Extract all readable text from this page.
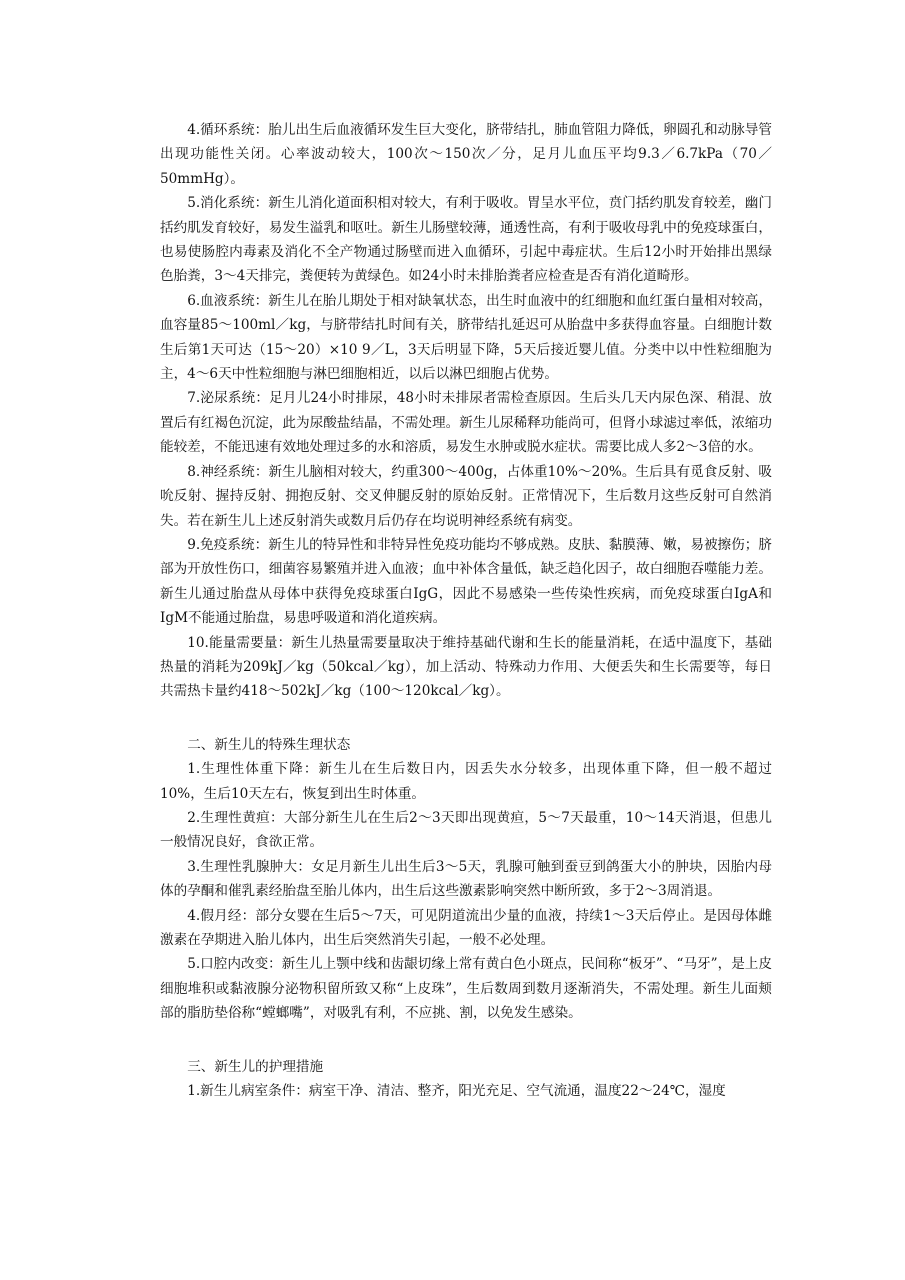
4.循环系统：胎儿出生后血液循环发生巨大变化，脐带结扎，肺血管阻力降低，卵圆孔和动脉导管出现功能性关闭。心率波动较大，100次～150次／分，足月儿血压平均9.3／6.7kPa（70／50mmHg）。

5.消化系统：新生儿消化道面积相对较大，有利于吸收。胃呈水平位，贲门括约肌发育较差，幽门括约肌发育较好，易发生溢乳和呕吐。新生儿肠壁较薄，通透性高，有利于吸收母乳中的免疫球蛋白，也易使肠腔内毒素及消化不全产物通过肠壁而进入血循环，引起中毒症状。生后12小时开始排出黑绿色胎粪，3～4天排完，粪便转为黄绿色。如24小时未排胎粪者应检查是否有消化道畸形。

6.血液系统：新生儿在胎儿期处于相对缺氧状态，出生时血液中的红细胞和血红蛋白量相对较高，血容量85～100ml／kg，与脐带结扎时间有关，脐带结扎延迟可从胎盘中多获得血容量。白细胞计数生后第1天可达（15～20）×10 9／L，3天后明显下降，5天后接近婴儿值。分类中以中性粒细胞为主，4～6天中性粒细胞与淋巴细胞相近，以后以淋巴细胞占优势。

7.泌尿系统：足月儿24小时排尿，48小时未排尿者需检查原因。生后头几天内尿色深、稍混、放置后有红褐色沉淀，此为尿酸盐结晶，不需处理。新生儿尿稀释功能尚可，但肾小球滤过率低，浓缩功能较差，不能迅速有效地处理过多的水和溶质，易发生水肿或脱水症状。需要比成人多2～3倍的水。

8.神经系统：新生儿脑相对较大，约重300～400g，占体重10%～20%。生后具有觅食反射、吸吮反射、握持反射、拥抱反射、交叉伸腿反射的原始反射。正常情况下，生后数月这些反射可自然消失。若在新生儿上述反射消失或数月后仍存在均说明神经系统有病变。

9.免疫系统：新生儿的特异性和非特异性免疫功能均不够成熟。皮肤、黏膜薄、嫩，易被擦伤；脐部为开放性伤口，细菌容易繁殖并进入血液；血中补体含量低，缺乏趋化因子，故白细胞吞噬能力差。新生儿通过胎盘从母体中获得免疫球蛋白IgG，因此不易感染一些传染性疾病，而免疫球蛋白IgA和IgM不能通过胎盘，易患呼吸道和消化道疾病。

10.能量需要量：新生儿热量需要量取决于维持基础代谢和生长的能量消耗，在适中温度下，基础热量的消耗为209kJ／kg（50kcal／kg），加上活动、特殊动力作用、大便丢失和生长需要等，每日共需热卡量约418～502kJ／kg（100～120kcal／kg）。

二、新生儿的特殊生理状态

1.生理性体重下降：新生儿在生后数日内，因丢失水分较多，出现体重下降，但一般不超过10%，生后10天左右，恢复到出生时体重。

2.生理性黄疸：大部分新生儿在生后2～3天即出现黄疸，5～7天最重，10～14天消退，但患儿一般情况良好，食欲正常。

3.生理性乳腺肿大：女足月新生儿出生后3～5天，乳腺可触到蚕豆到鸽蛋大小的肿块，因胎内母体的孕酮和催乳素经胎盘至胎儿体内，出生后这些激素影响突然中断所致，多于2～3周消退。

4.假月经：部分女婴在生后5～7天，可见阴道流出少量的血液，持续1～3天后停止。是因母体雌激素在孕期进入胎儿体内，出生后突然消失引起，一般不必处理。

5.口腔内改变：新生儿上颚中线和齿龈切缘上常有黄白色小斑点，民间称“板牙”、“马牙”，是上皮细胞堆积或黏液腺分泌物积留所致又称“上皮珠”，生后数周到数月逐渐消失，不需处理。新生儿面颊部的脂肪垫俗称“螳螂嘴”，对吸乳有利，不应挑、割，以免发生感染。

三、新生儿的护理措施

1.新生儿病室条件：病室干净、清洁、整齐，阳光充足、空气流通，温度22～24℃，湿度
